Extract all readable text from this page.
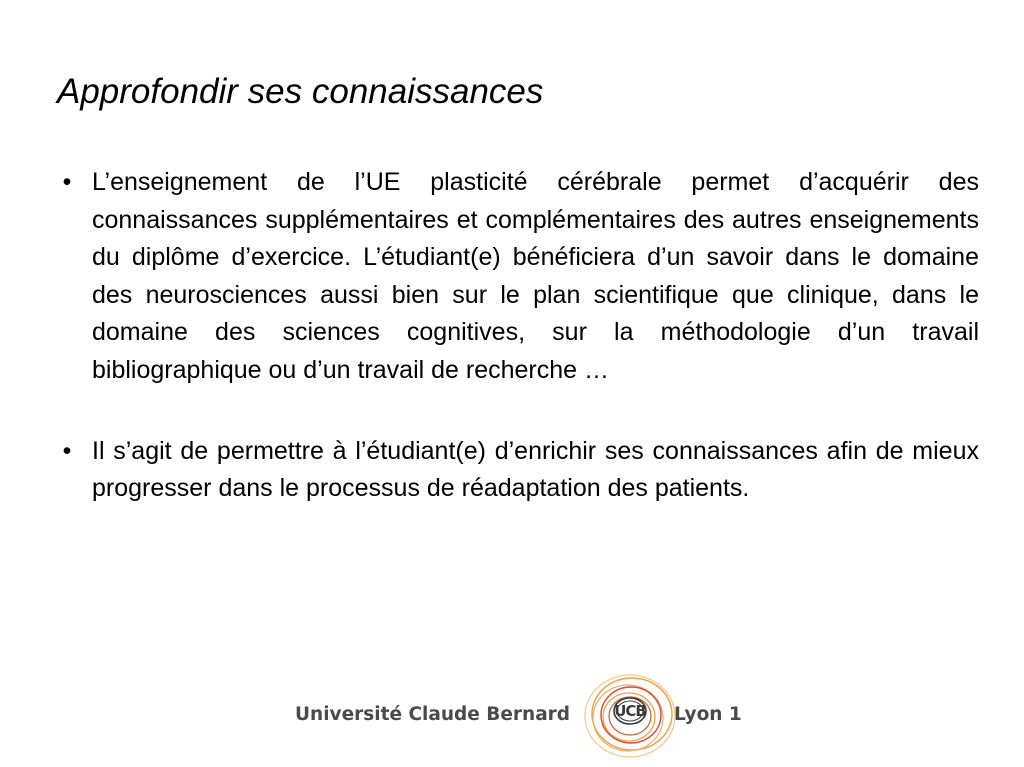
Approfondir ses connaissances
• L’enseignement de l’UE plasticité cérébrale permet d’acquérir des connaissances supplémentaires et complémentaires des autres enseignements du diplôme d’exercice. L’étudiant(e) bénéficiera d’un savoir dans le domaine des neurosciences aussi bien sur le plan scientifique que clinique, dans le domaine des sciences cognitives, sur la méthodologie d’un travail bibliographique ou d’un travail de recherche …
• Il s’agit de permettre à l’étudiant(e) d’enrichir ses connaissances afin de mieux progresser dans le processus de réadaptation des patients.
Université Claude Bernard	UCB	Lyon 1
